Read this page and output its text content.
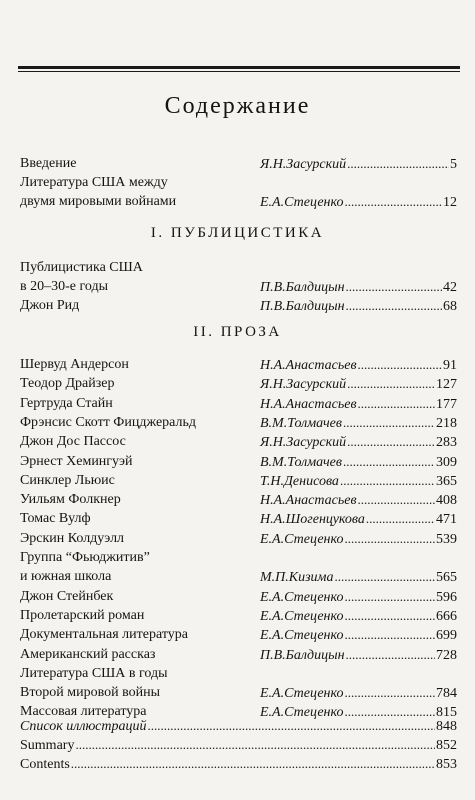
Содержание
Введение	Я.Н.Засурский .....	5
Литература США между
двумя мировыми войнами	Е.А.Стеценко .....	12
I. ПУБЛИЦИСТИКА
Публицистика США
в 20–30-е годы	П.В.Балдицын .....	42
Джон Рид	П.В.Балдицын .....	68
II. ПРОЗА
Шервуд Андерсон	Н.А.Анастасьев .....	91
Теодор Драйзер	Я.Н.Засурский .....	127
Гертруда Стайн	Н.А.Анастасьев .....	177
Фрэнсис Скотт Фицджеральд	В.М.Толмачев .....	218
Джон Дос Пассос	Я.Н.Засурский .....	283
Эрнест Хемингуэй	В.М.Толмачев .....	309
Синклер Льюис	Т.Н.Денисова .....	365
Уильям Фолкнер	Н.А.Анастасьев .....	408
Томас Вулф	Н.А.Шогенцукова .....	471
Эрскин Колдуэлл	Е.А.Стеценко .....	539
Группа “Фьюджитив”
и южная школа	М.П.Кизима .....	565
Джон Стейнбек	Е.А.Стеценко .....	596
Пролетарский роман	Е.А.Стеценко .....	666
Документальная литература	Е.А.Стеценко .....	699
Американский рассказ	П.В.Балдицын .....	728
Литература США в годы
Второй мировой войны	Е.А.Стеценко .....	784
Массовая литература	Е.А.Стеценко .....	815
Список иллюстраций .....	848
Summary .....	852
Contents .....	853
